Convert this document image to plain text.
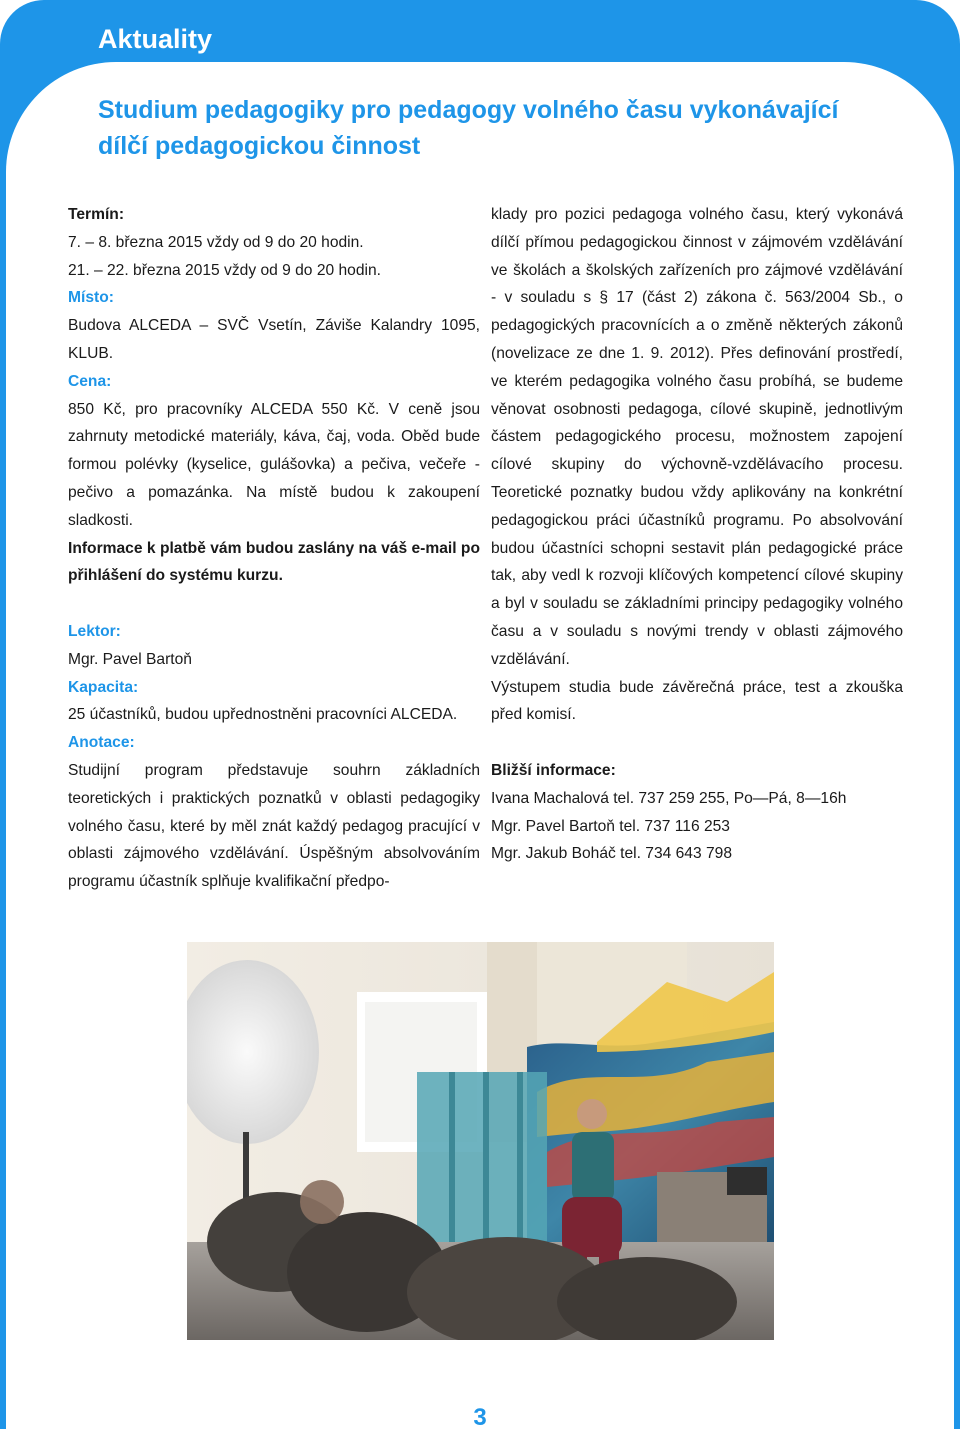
Aktuality
Studium pedagogiky pro pedagogy volného času vykonávající dílčí pedagogickou činnost

Termín:

7. – 8. března 2015 vždy od 9 do 20 hodin.

21. – 22. března 2015 vždy od 9 do 20 hodin.

Místo:

Budova ALCEDA – SVČ Vsetín, Záviše Kalandry 1095, KLUB.

Cena:

850 Kč, pro pracovníky ALCEDA 550 Kč. V ceně jsou zahrnuty metodické materiály, káva, čaj, voda. Oběd bude formou polévky (kyselice, gulášovka) a pečiva, večeře - pečivo a pomazánka. Na místě budou k zakoupení sladkosti.

Informace k platbě vám budou zaslány na váš e-mail po přihlášení do systému kurzu.

Lektor:

Mgr. Pavel Bartoň

Kapacita:

25 účastníků, budou upřednostněni pracovníci ALCEDA.

Anotace:

Studijní program představuje souhrn základních teoretických i praktických poznatků v oblasti pedagogiky volného času, které by měl znát každý pedagog pracující v oblasti zájmového vzdělávání. Úspěšným absolvováním programu účastník splňuje kvalifikační předpo-

klady pro pozici pedagoga volného času, který vykonává dílčí přímou pedagogickou činnost v zájmovém vzdělávání ve školách a školských zařízeních pro zájmové vzdělávání - v souladu s § 17 (část 2) zákona č. 563/2004 Sb., o pedagogických pracovnících a o změně některých zákonů (novelizace ze dne 1. 9. 2012). Přes definování prostředí, ve kterém pedagogika volného času probíhá, se budeme věnovat osobnosti pedagoga, cílové skupině, jednotlivým částem pedagogického procesu, možnostem zapojení cílové skupiny do výchovně-vzdělávacího procesu. Teoretické poznatky budou vždy aplikovány na konkrétní pedagogickou práci účastníků programu. Po absolvování budou účastníci schopni sestavit plán pedagogické práce tak, aby vedl k rozvoji klíčových kompetencí cílové skupiny a byl v souladu se základními principy pedagogiky volného času a v souladu s novými trendy v oblasti zájmového vzdělávání.

Výstupem studia bude závěrečná práce, test a zkouška před komisí.

Bližší informace:

Ivana Machalová tel. 737 259 255, Po—Pá, 8—16h

Mgr. Pavel Bartoň tel. 737 116 253

Mgr. Jakub Boháč tel. 734 643 798

3
